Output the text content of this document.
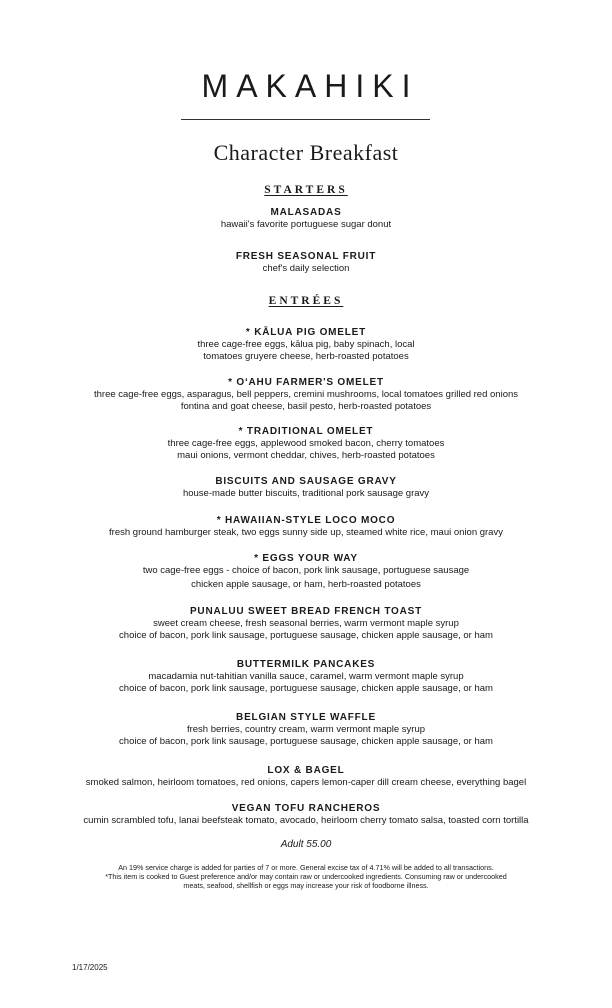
MAKAHIKI
Character Breakfast
STARTERS
MALASADAS
hawaii's favorite portuguese sugar donut
FRESH SEASONAL FRUIT
chef's daily selection
ENTRÉES
* KĀLUA PIG OMELET
three cage-free eggs, kālua pig, baby spinach, local
tomatoes gruyere cheese, herb-roasted potatoes
* OʻAHU FARMER'S OMELET
three cage-free eggs, asparagus, bell peppers, cremini mushrooms, local tomatoes grilled red onions
fontina and goat cheese, basil pesto, herb-roasted potatoes
* TRADITIONAL OMELET
three cage-free eggs, applewood smoked bacon, cherry tomatoes
maui onions, vermont cheddar, chives, herb-roasted potatoes
BISCUITS AND SAUSAGE GRAVY
house-made butter biscuits, traditional pork sausage gravy
* HAWAIIAN-STYLE LOCO MOCO
fresh ground hamburger steak, two eggs sunny side up, steamed white rice, maui onion gravy
* EGGS YOUR WAY
two cage-free eggs - choice of bacon, pork link sausage, portuguese sausage
chicken apple sausage, or ham, herb-roasted potatoes
PUNALUU SWEET BREAD FRENCH TOAST
sweet cream cheese, fresh seasonal berries, warm vermont maple syrup
choice of bacon, pork link sausage, portuguese sausage, chicken apple sausage, or ham
BUTTERMILK PANCAKES
macadamia nut-tahitian vanilla sauce, caramel, warm vermont maple syrup
choice of bacon, pork link sausage, portuguese sausage, chicken apple sausage, or ham
BELGIAN STYLE WAFFLE
fresh berries, country cream, warm vermont maple syrup
choice of bacon, pork link sausage, portuguese sausage, chicken apple sausage, or ham
LOX & BAGEL
smoked salmon, heirloom tomatoes, red onions, capers lemon-caper dill cream cheese, everything bagel
VEGAN TOFU RANCHEROS
cumin scrambled tofu, lanai beefsteak tomato, avocado, heirloom cherry tomato salsa, toasted corn tortilla
Adult 55.00
An 19% service charge is added for parties of 7 or more. General excise tax of 4.71% will be added to all transactions.
*This item is cooked to Guest preference and/or may contain raw or undercooked ingredients. Consuming raw or undercooked
meats, seafood, shellfish or eggs may increase your risk of foodborne illness.
1/17/2025
